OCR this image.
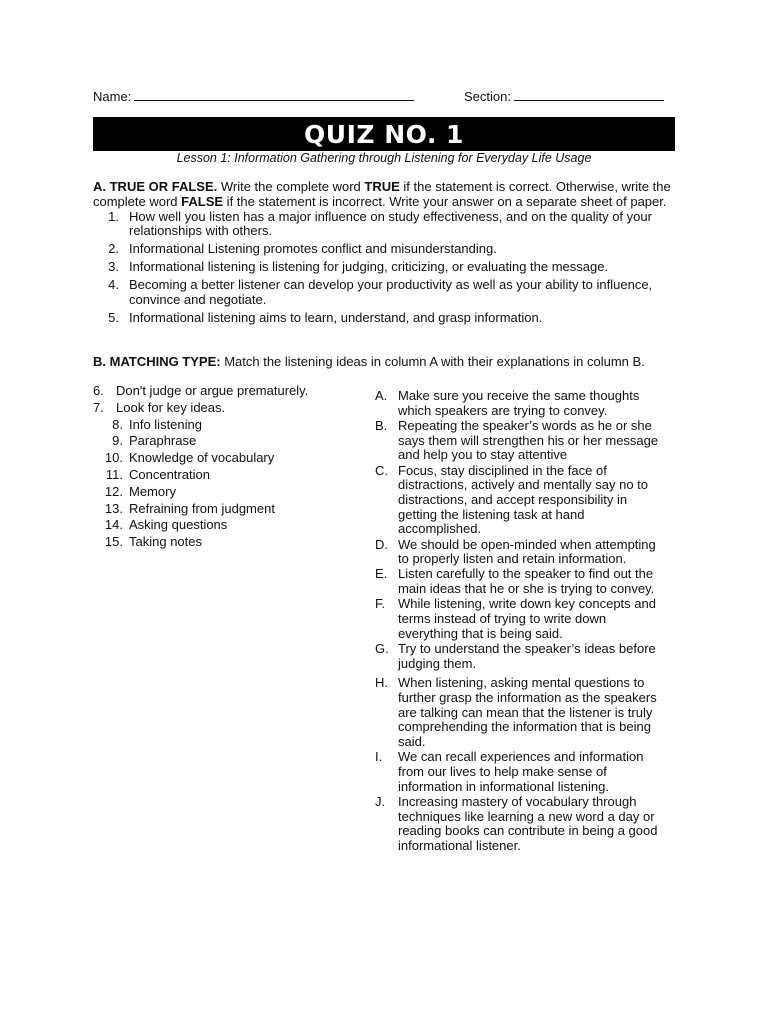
Name:	Section:
QUIZ NO. 1
Lesson 1: Information Gathering through Listening for Everyday Life Usage

A. TRUE OR FALSE. Write the complete word TRUE if the statement is correct. Otherwise, write the complete word FALSE if the statement is incorrect. Write your answer on a separate sheet of paper.

1. How well you listen has a major influence on study effectiveness, and on the quality of your relationships with others.
2. Informational Listening promotes conflict and misunderstanding.
3. Informational listening is listening for judging, criticizing, or evaluating the message.
4. Becoming a better listener can develop your productivity as well as your ability to influence, convince and negotiate.
5. Informational listening aims to learn, understand, and grasp information.

B. MATCHING TYPE: Match the listening ideas in column A with their explanations in column B.

6. Don't judge or argue prematurely.
7. Look for key ideas.
8. Info listening
9. Paraphrase
10. Knowledge of vocabulary
11. Concentration
12. Memory
13. Refraining from judgment
14. Asking questions
15. Taking notes
A. Make sure you receive the same thoughts which speakers are trying to convey.
B. Repeating the speaker’s words as he or she says them will strengthen his or her message and help you to stay attentive
C. Focus, stay disciplined in the face of distractions, actively and mentally say no to distractions, and accept responsibility in getting the listening task at hand accomplished.
D. We should be open-minded when attempting to properly listen and retain information.
E. Listen carefully to the speaker to find out the main ideas that he or she is trying to convey.
F. While listening, write down key concepts and terms instead of trying to write down everything that is being said.
G. Try to understand the speaker’s ideas before judging them.
H. When listening, asking mental questions to further grasp the information as the speakers are talking can mean that the listener is truly comprehending the information that is being said.
I. We can recall experiences and information from our lives to help make sense of information in informational listening.
J. Increasing mastery of vocabulary through techniques like learning a new word a day or reading books can contribute in being a good informational listener.
